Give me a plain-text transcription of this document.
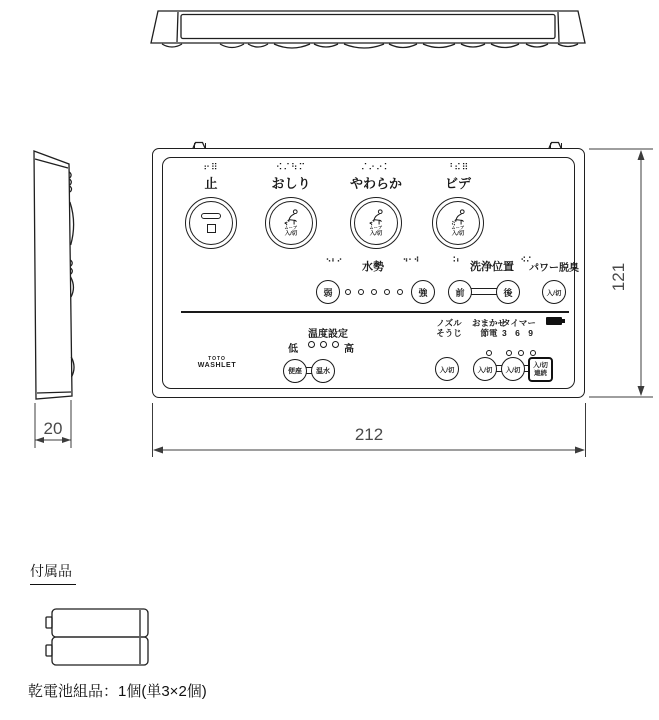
20
121
212
⠖⠿	⠪⠌⠳⠍	⠌⠔⠔⠅	⠘⠮⠿
止	おしり	やわらか	ビデ
ムーブ
入/切
ムーブ
入/切
ムーブ
入/切
⠢⠆⠔
水勢
⠲⠂⠺
弱	強
⠨⠆
洗浄位置
⠪⠌
前	後
パワー脱臭
入/切
温度設定
低	高
便座	温水
TOTO
WASHLET
ノズル
そうじ
おまかせ
節電
タイマー
3 6 9
入/切	入/切	入/切
入/切
連続
付属品
乾電池組品：1個(単3×2個)
